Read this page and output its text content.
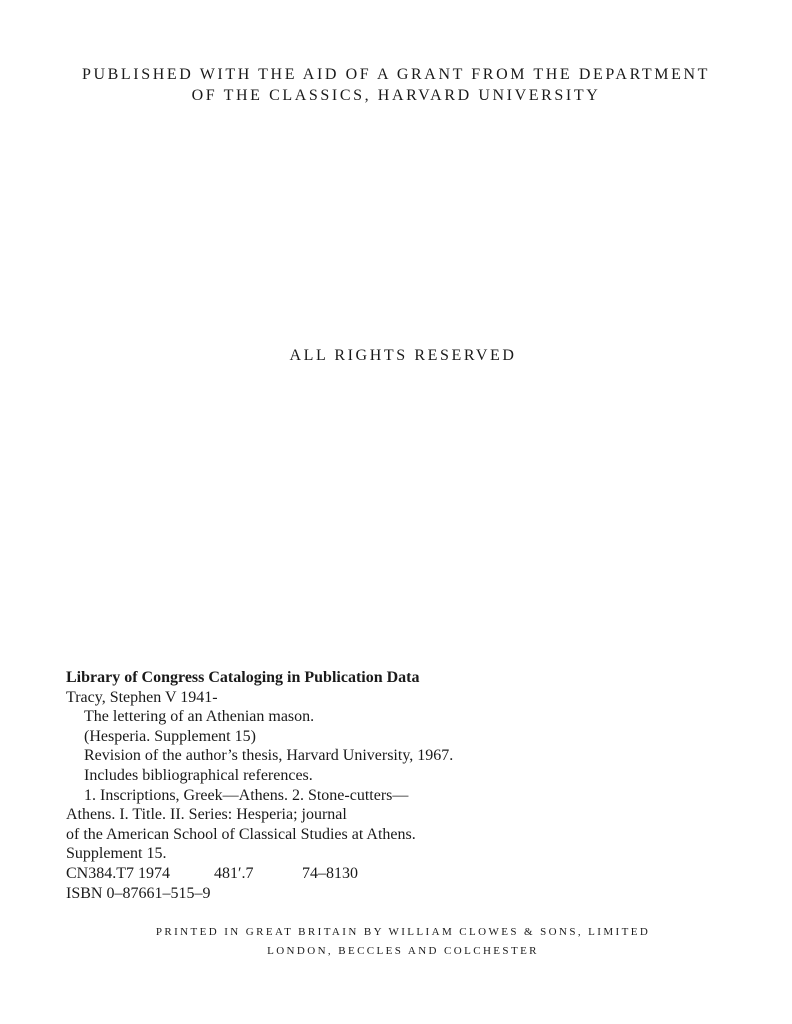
PUBLISHED WITH THE AID OF A GRANT FROM THE DEPARTMENT
OF THE CLASSICS, HARVARD UNIVERSITY
ALL RIGHTS RESERVED
Library of Congress Cataloging in Publication Data
Tracy, Stephen V 1941-
The lettering of an Athenian mason.
(Hesperia. Supplement 15)
Revision of the author’s thesis, Harvard University, 1967.
Includes bibliographical references.
1. Inscriptions, Greek—Athens. 2. Stone-cutters—
Athens. I. Title. II. Series: Hesperia; journal
of the American School of Classical Studies at Athens.
Supplement 15.
CN384.T7 1974	481′.7	74–8130
ISBN 0–87661–515–9
PRINTED IN GREAT BRITAIN BY WILLIAM CLOWES & SONS, LIMITED
LONDON, BECCLES AND COLCHESTER
